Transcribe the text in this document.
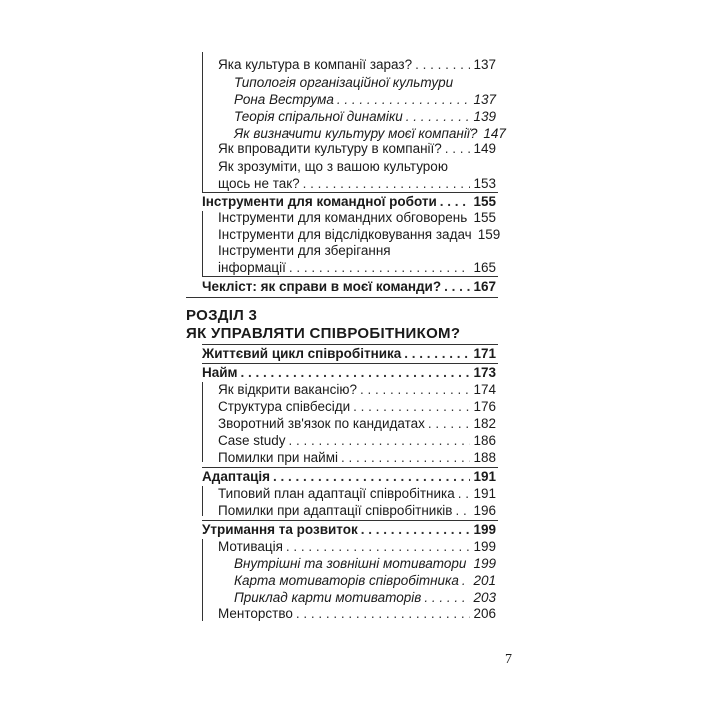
Яка культура в компанії зараз? . . .	137
Типологія організаційної культури
Рона Веструма . . .	137
Теорія спіральної динаміки . . .	139
Як визначити культуру моєї компанії? 147
Як впровадити культуру в компанії? . . . 149
Як зрозуміти, що з вашою культурою
щось не так? . . .	153
Інструменти для командної роботи . . .	155
Інструменти для командних обговорень . . . 155
Інструменти для відслідковування задач 159
Інструменти для зберігання
інформації . . .	165
Чекліст: як справи в моєї команди? . . . 167
РОЗДІЛ 3
ЯК УПРАВЛЯТИ СПІВРОБІТНИКОМ?
Життєвий цикл співробітника . . .	171
Найм . . .	173
Як відкрити вакансію? . . .	174
Структура співбесіди . . .	176
Зворотний зв'язок по кандидатах . . .	182
Case study . . .	186
Помилки при наймі . . .	188
Адаптація . . .	191
Типовий план адаптації співробітника . . . 191
Помилки при адаптації співробітників . . . 196
Утримання та розвиток . . .	199
Мотивація . . .	199
Внутрішні та зовнішні мотиватори . . . 199
Карта мотиваторів співробітника . . . 201
Приклад карти мотиваторів . . .	203
Менторство . . .	206
7
